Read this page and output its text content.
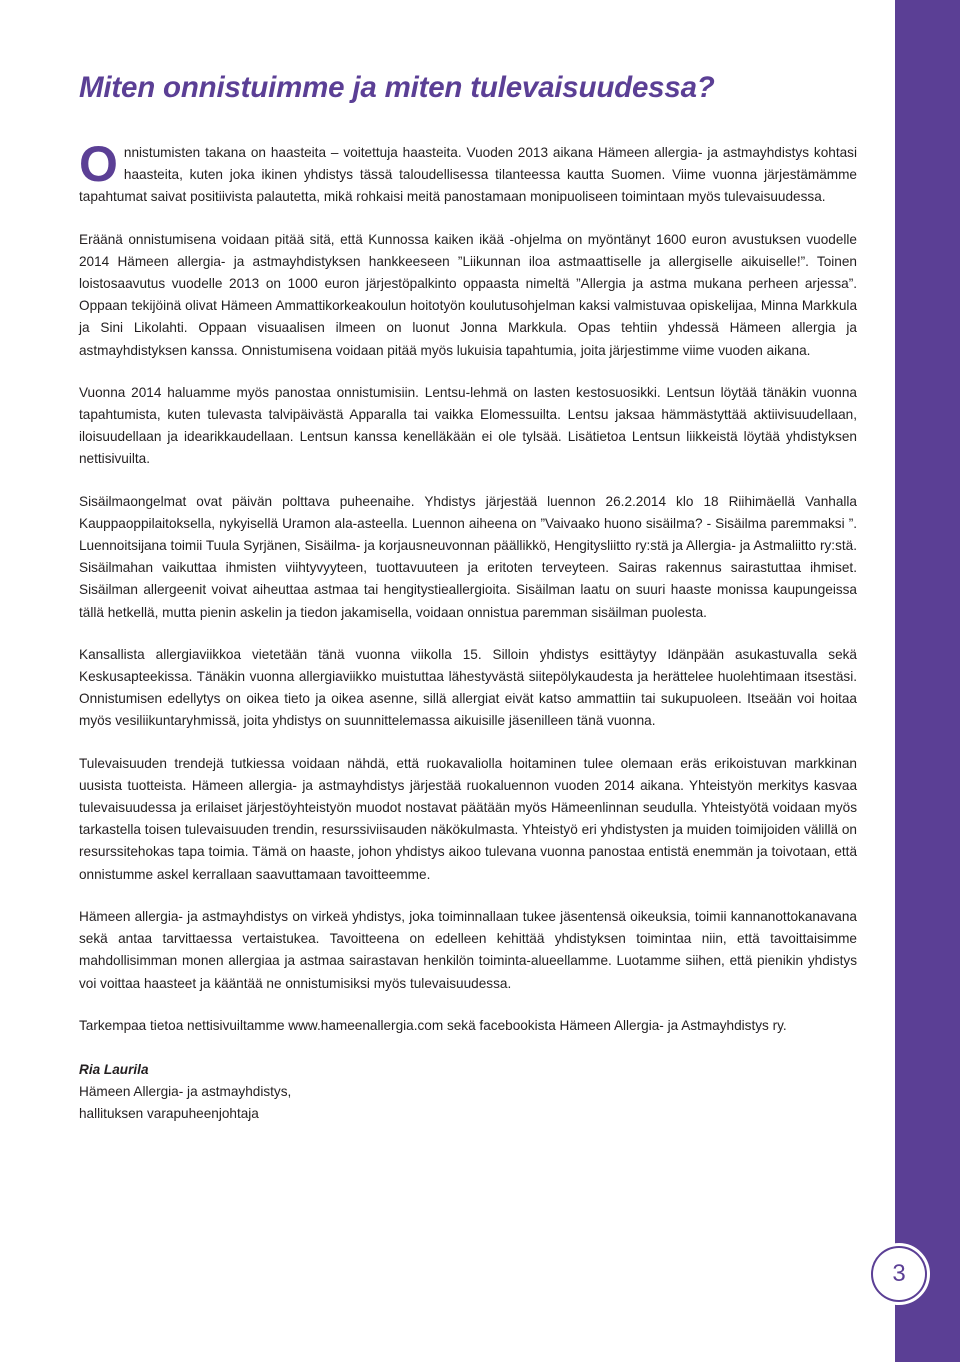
3
Miten onnistuimme ja miten tulevaisuudessa?

Onnistumisten takana on haasteita – voitettuja haasteita. Vuoden 2013 aikana Hämeen allergia- ja astmayhdistys kohtasi haasteita, kuten joka ikinen yhdistys tässä taloudellisessa tilanteessa kautta Suomen. Viime vuonna järjestämämme tapahtumat saivat positiivista palautetta, mikä rohkaisi meitä panostamaan monipuoliseen toimintaan myös tulevaisuudessa.

Eräänä onnistumisena voidaan pitää sitä, että Kunnossa kaiken ikää -ohjelma on myöntänyt 1600 euron avustuksen vuodelle 2014 Hämeen allergia- ja astmayhdistyksen hankkeeseen ”Liikunnan iloa astmaattiselle ja allergiselle aikuiselle!”. Toinen loistosaavutus vuodelle 2013 on 1000 euron järjestöpalkinto oppaasta nimeltä ”Allergia ja astma mukana perheen arjessa”. Oppaan tekijöinä olivat Hämeen Ammattikorkeakoulun hoitotyön koulutusohjelman kaksi valmistuvaa opiskelijaa, Minna Markkula ja Sini Likolahti. Oppaan visuaalisen ilmeen on luonut Jonna Markkula. Opas tehtiin yhdessä Hämeen allergia ja astmayhdistyksen kanssa. Onnistumisena voidaan pitää myös lukuisia tapahtumia, joita järjestimme viime vuoden aikana.

Vuonna 2014 haluamme myös panostaa onnistumisiin. Lentsu-lehmä on lasten kestosuosikki. Lentsun löytää tänäkin vuonna tapahtumista, kuten tulevasta talvipäivästä Apparalla tai vaikka Elomessuilta. Lentsu jaksaa hämmästyttää aktiivisuudellaan, iloisuudellaan ja idearikkaudellaan. Lentsun kanssa kenelläkään ei ole tylsää. Lisätietoa Lentsun liikkeistä löytää yhdistyksen nettisivuilta.

Sisäilmaongelmat ovat päivän polttava puheenaihe. Yhdistys järjestää luennon 26.2.2014 klo 18 Riihimäellä Vanhalla Kauppaoppilaitoksella, nykyisellä Uramon ala-asteella. Luennon aiheena on ”Vaivaako huono sisäilma? - Sisäilma paremmaksi ”. Luennoitsijana toimii Tuula Syrjänen, Sisäilma- ja korjausneuvonnan päällikkö, Hengitysliitto ry:stä ja Allergia- ja Astmaliitto ry:stä. Sisäilmahan vaikuttaa ihmisten viihtyvyyteen, tuottavuuteen ja eritoten terveyteen. Sairas rakennus sairastuttaa ihmiset. Sisäilman allergeenit voivat aiheuttaa astmaa tai hengitystieallergioita. Sisäilman laatu on suuri haaste monissa kaupungeissa tällä hetkellä, mutta pienin askelin ja tiedon jakamisella, voidaan onnistua paremman sisäilman puolesta.

Kansallista allergiaviikkoa vietetään tänä vuonna viikolla 15. Silloin yhdistys esittäytyy Idänpään asukastuvalla sekä Keskusapteekissa. Tänäkin vuonna allergiaviikko muistuttaa lähestyvästä siitepölykaudesta ja herättelee huolehtimaan itsestäsi. Onnistumisen edellytys on oikea tieto ja oikea asenne, sillä allergiat eivät katso ammattiin tai sukupuoleen. Itseään voi hoitaa myös vesiliikuntaryhmissä, joita yhdistys on suunnittelemassa aikuisille jäsenilleen tänä vuonna.

Tulevaisuuden trendejä tutkiessa voidaan nähdä, että ruokavaliolla hoitaminen tulee olemaan eräs erikoistuvan markkinan uusista tuotteista. Hämeen allergia- ja astmayhdistys järjestää ruokaluennon vuoden 2014 aikana. Yhteistyön merkitys kasvaa tulevaisuudessa ja erilaiset järjestöyhteistyön muodot nostavat päätään myös Hämeenlinnan seudulla. Yhteistyötä voidaan myös tarkastella toisen tulevaisuuden trendin, resurssiviisauden näkökulmasta. Yhteistyö eri yhdistysten ja muiden toimijoiden välillä on resurssitehokas tapa toimia. Tämä on haaste, johon yhdistys aikoo tulevana vuonna panostaa entistä enemmän ja toivotaan, että onnistumme askel kerrallaan saavuttamaan tavoitteemme.

Hämeen allergia- ja astmayhdistys on virkeä yhdistys, joka toiminnallaan tukee jäsentensä oikeuksia, toimii kannanottokanavana sekä antaa tarvittaessa vertaistukea. Tavoitteena on edelleen kehittää yhdistyksen toimintaa niin, että tavoittaisimme mahdollisimman monen allergiaa ja astmaa sairastavan henkilön toiminta-alueellamme. Luotamme siihen, että pienikin yhdistys voi voittaa haasteet ja kääntää ne onnistumisiksi myös tulevaisuudessa.

Tarkempaa tietoa nettisivuiltamme www.hameenallergia.com sekä facebookista Hämeen Allergia- ja Astmayhdistys ry.

Ria Laurila
Hämeen Allergia- ja astmayhdistys,
hallituksen varapuheenjohtaja
